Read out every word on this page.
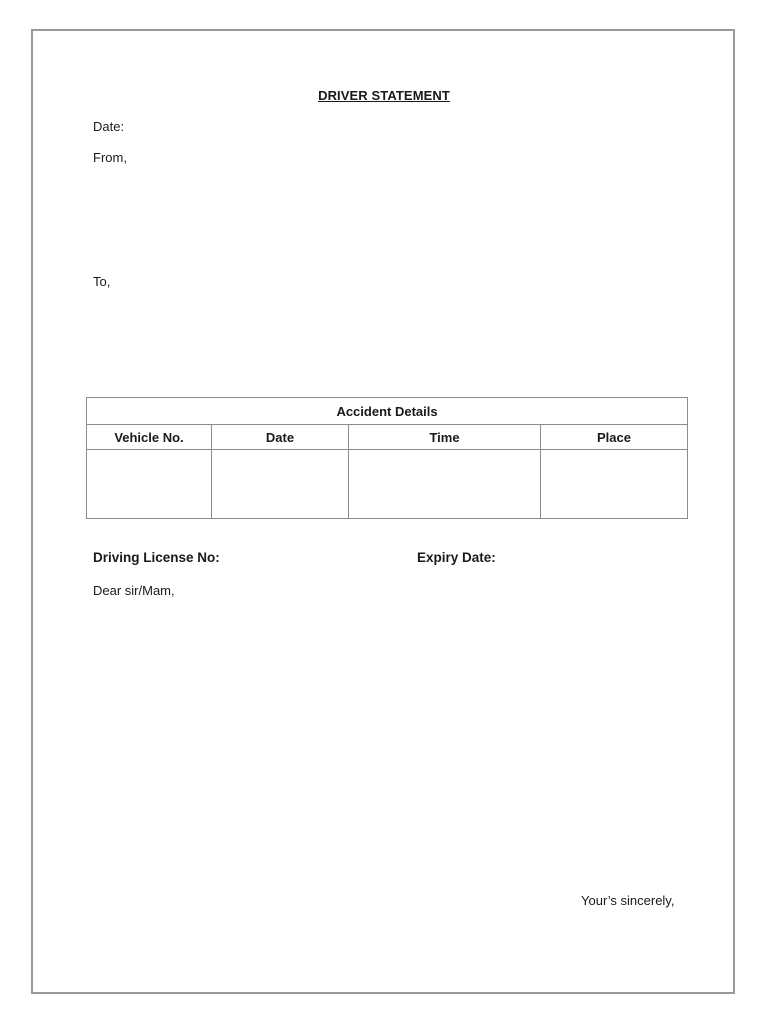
DRIVER STATEMENT
Date:
From,
To,
Accident Details			
Vehicle No.	Date	Time	Place

Driving License No:	Expiry Date:
Dear sir/Mam,
Your’s sincerely,
